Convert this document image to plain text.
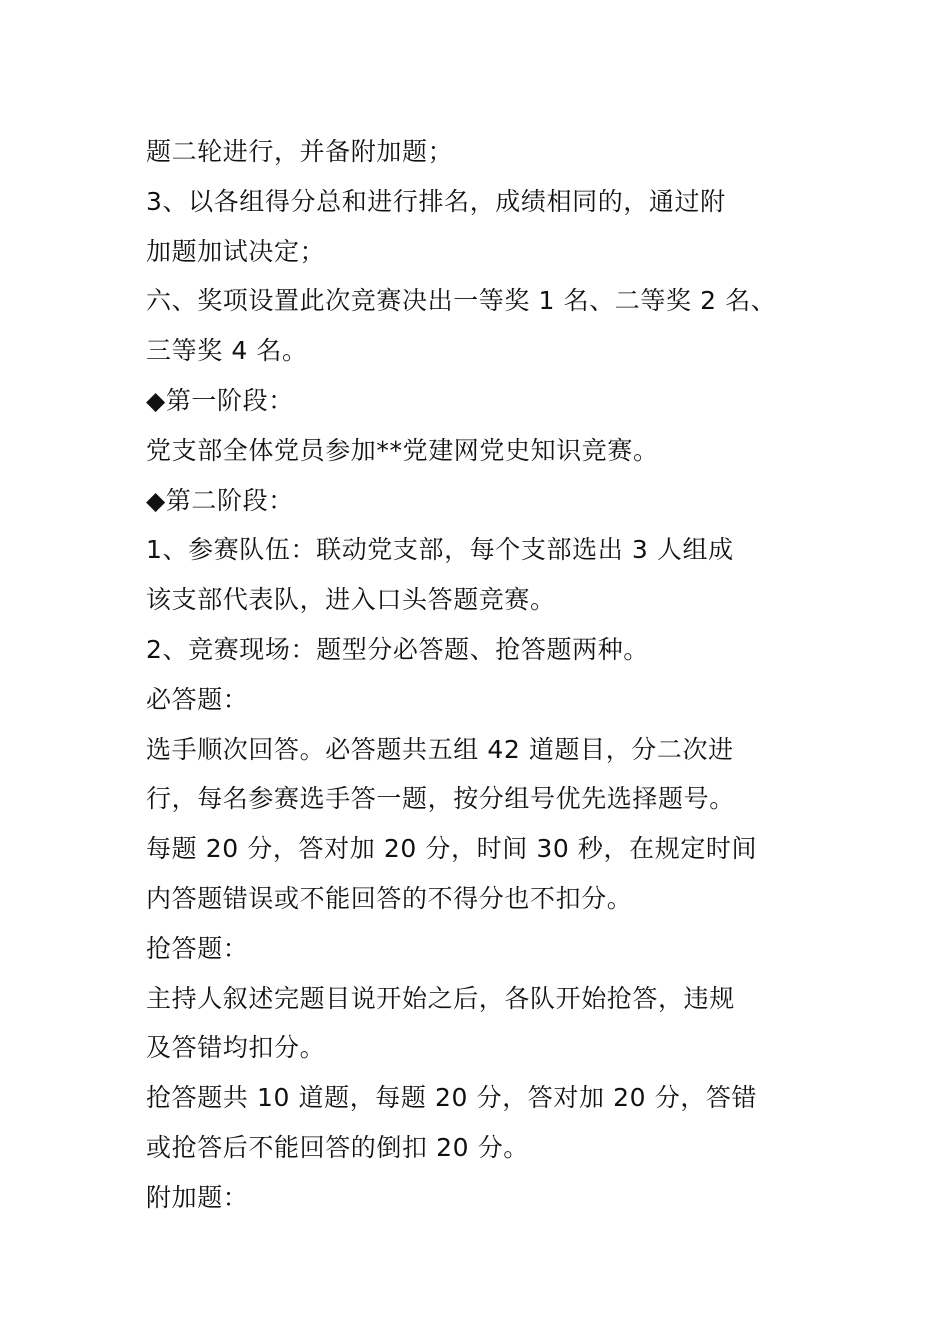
题二轮进行，并备附加题；

3、以各组得分总和进行排名，成绩相同的，通过附

加题加试决定；

六、奖项设置此次竞赛决出一等奖 1 名、二等奖 2 名、

三等奖 4 名。

◆第一阶段：

党支部全体党员参加**党建网党史知识竞赛。

◆第二阶段：

1、参赛队伍：联动党支部，每个支部选出 3 人组成

该支部代表队，进入口头答题竞赛。

2、竞赛现场：题型分必答题、抢答题两种。

必答题：

选手顺次回答。必答题共五组 42 道题目，分二次进

行，每名参赛选手答一题，按分组号优先选择题号。

每题 20 分，答对加 20 分，时间 30 秒，在规定时间

内答题错误或不能回答的不得分也不扣分。

抢答题：

主持人叙述完题目说开始之后，各队开始抢答，违规

及答错均扣分。

抢答题共 10 道题，每题 20 分，答对加 20 分，答错

或抢答后不能回答的倒扣 20 分。

附加题：
